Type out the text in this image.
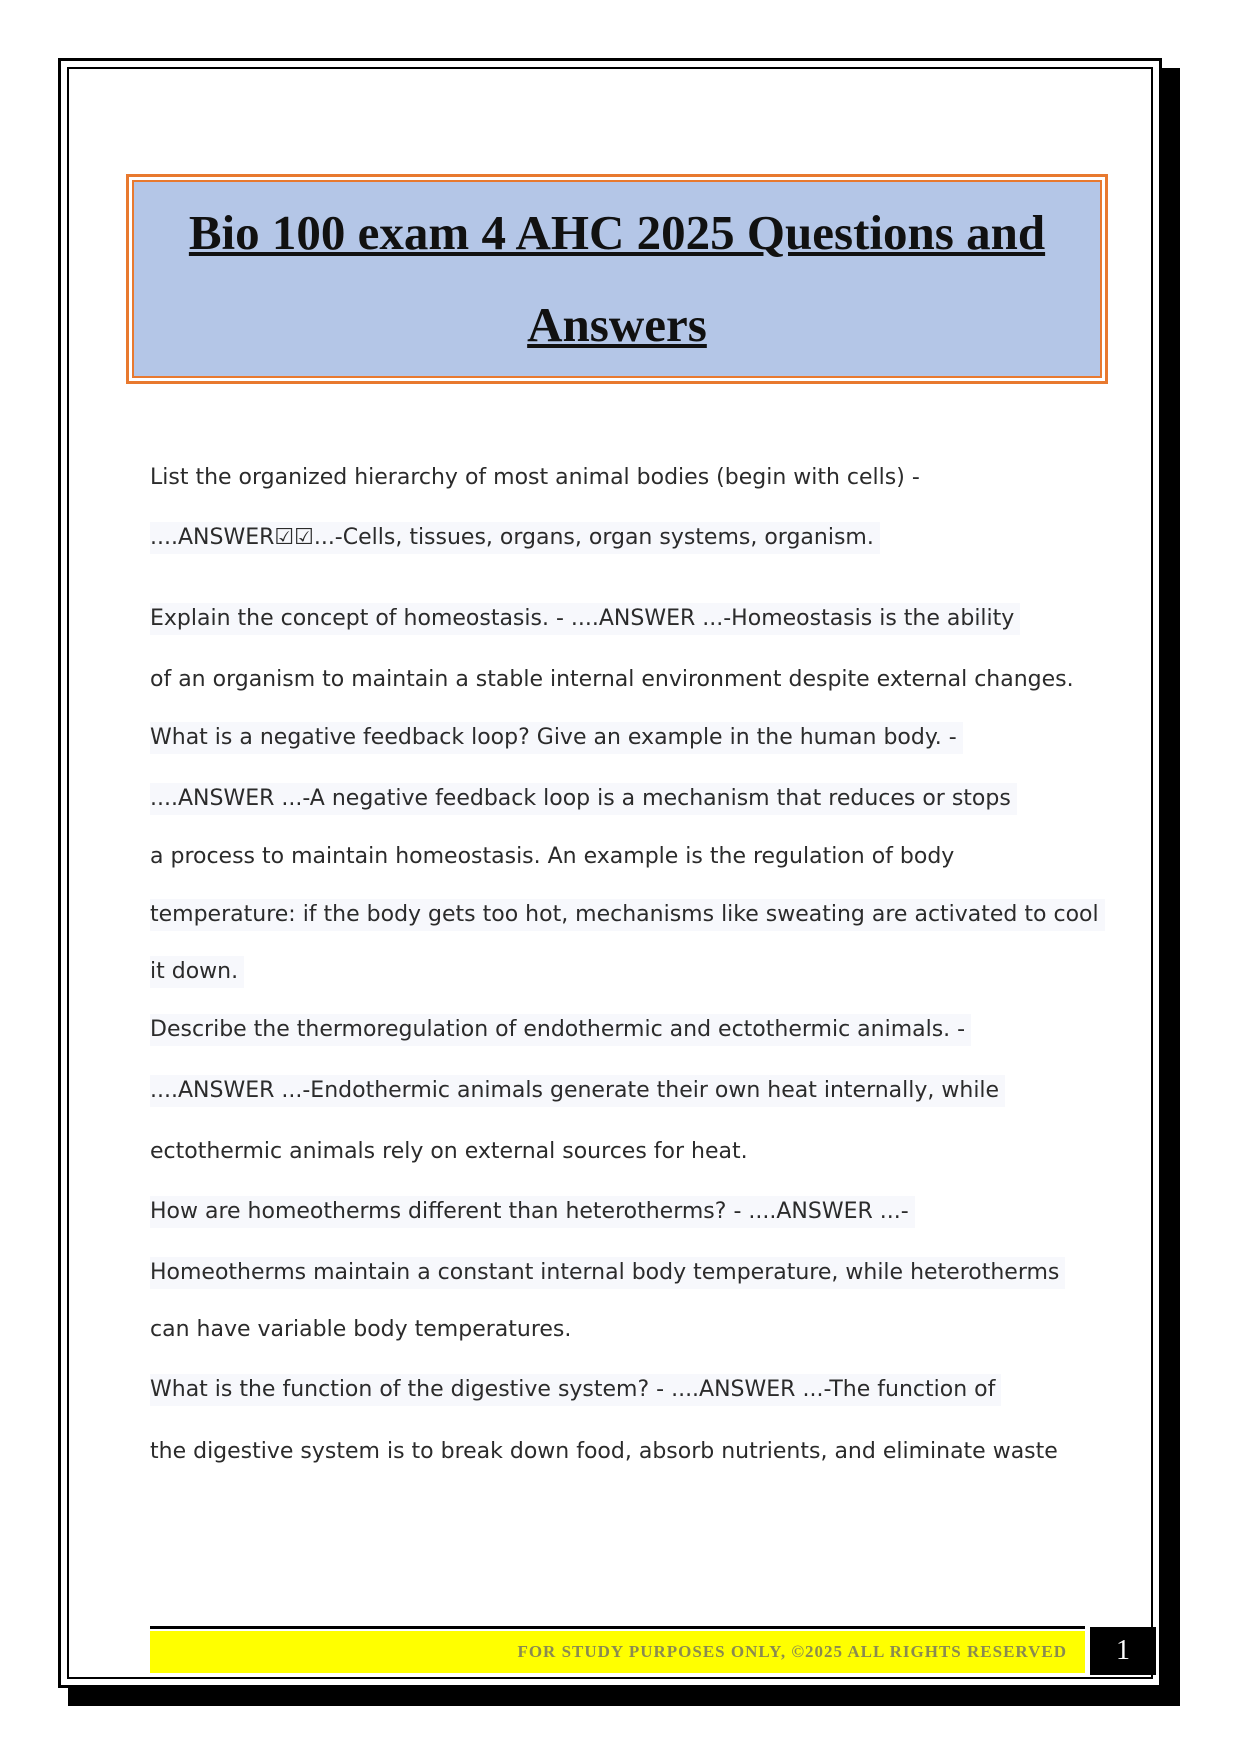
Bio 100 exam 4 AHC 2025 Questions and
Answers
List the organized hierarchy of most animal bodies (begin with cells) -
....ANSWER☑☑...-Cells, tissues, organs, organ systems, organism.
Explain the concept of homeostasis. - ....ANSWER ...-Homeostasis is the ability
of an organism to maintain a stable internal environment despite external changes.
What is a negative feedback loop? Give an example in the human body. -
....ANSWER ...-A negative feedback loop is a mechanism that reduces or stops
a process to maintain homeostasis. An example is the regulation of body
temperature: if the body gets too hot, mechanisms like sweating are activated to cool
it down.
Describe the thermoregulation of endothermic and ectothermic animals. -
....ANSWER ...-Endothermic animals generate their own heat internally, while
ectothermic animals rely on external sources for heat.
How are homeotherms different than heterotherms? - ....ANSWER ...-
Homeotherms maintain a constant internal body temperature, while heterotherms
can have variable body temperatures.
What is the function of the digestive system? - ....ANSWER ...-The function of
the digestive system is to break down food, absorb nutrients, and eliminate waste
FOR STUDY PURPOSES ONLY, ©2025 ALL RIGHTS RESERVED	1
